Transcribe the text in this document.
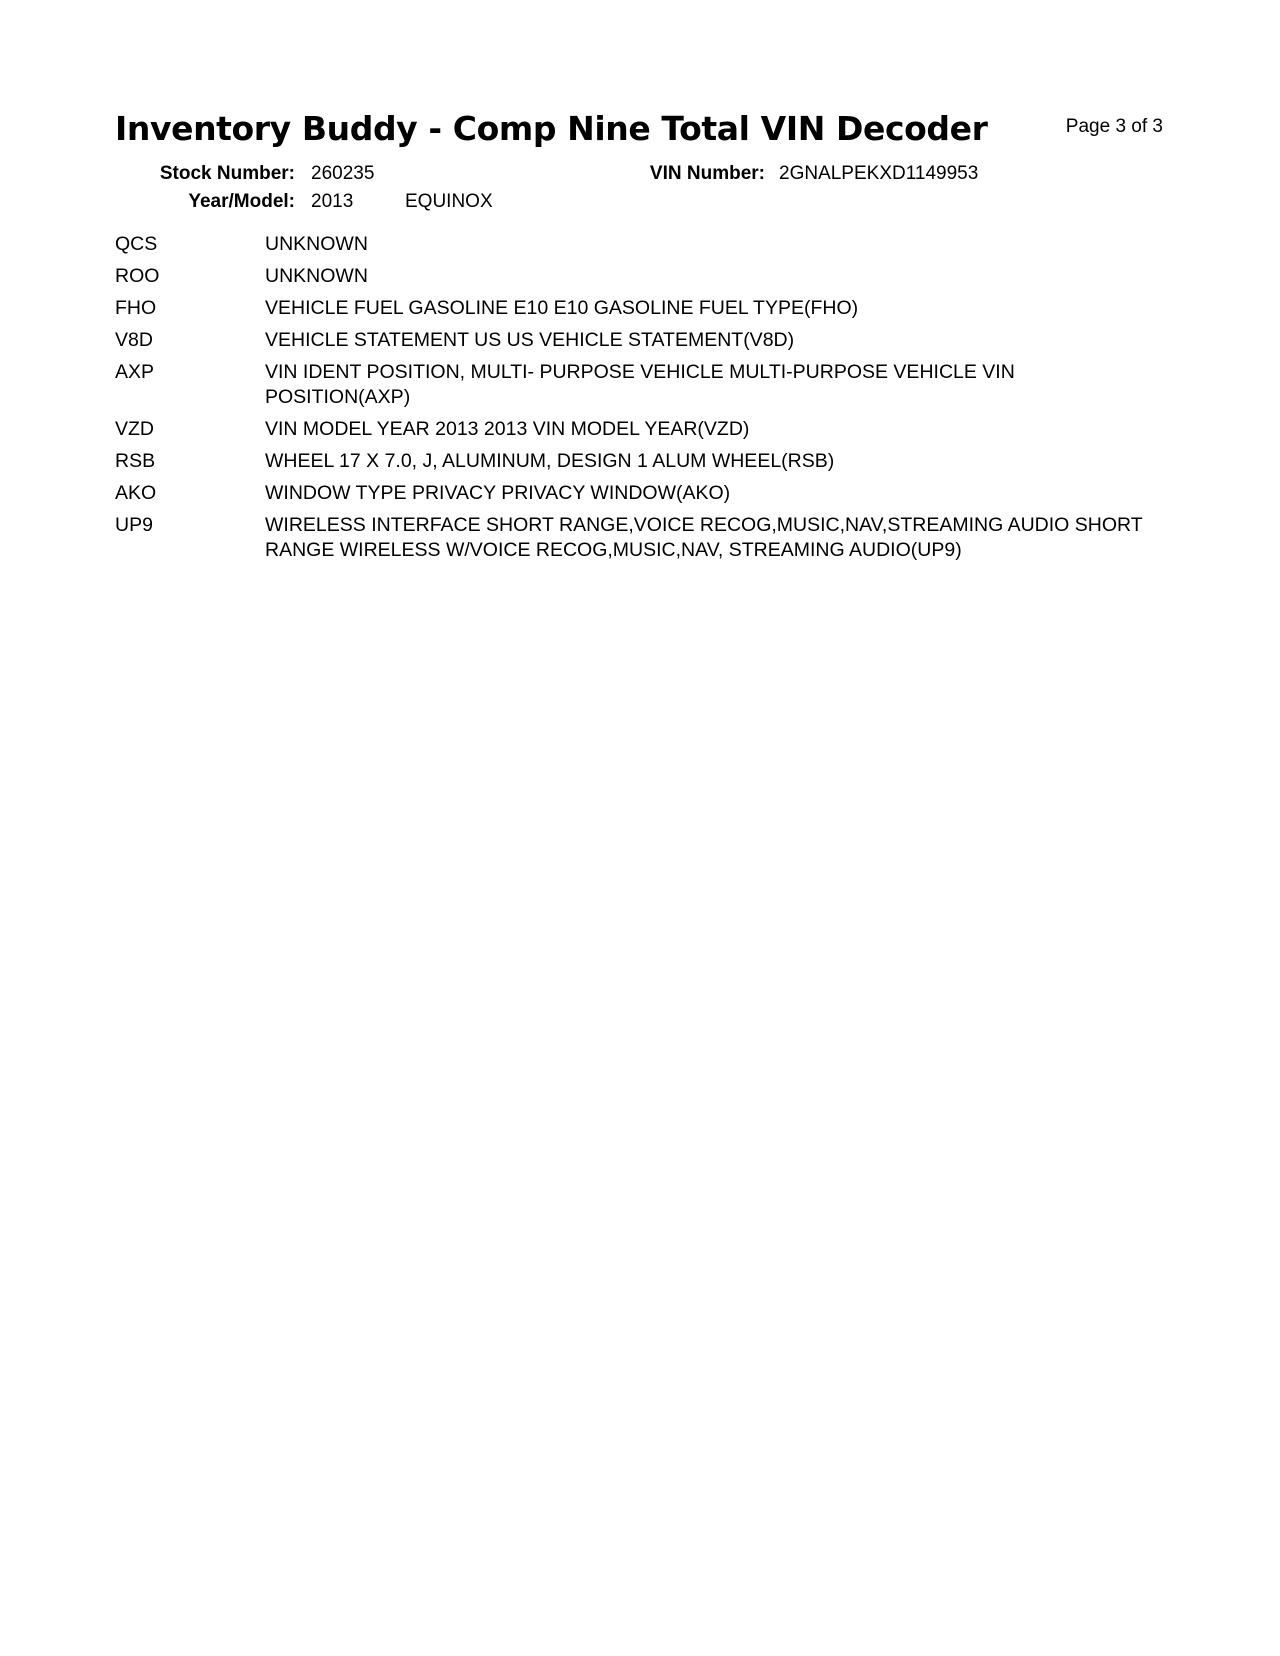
Inventory Buddy - Comp Nine Total VIN Decoder	Page 3 of 3
Stock Number: 260235	VIN Number: 2GNALPEKXD1149953
Year/Model: 2013	EQUINOX
QCS	UNKNOWN
ROO	UNKNOWN
FHO	VEHICLE FUEL GASOLINE E10 E10 GASOLINE FUEL TYPE(FHO)
V8D	VEHICLE STATEMENT US US VEHICLE STATEMENT(V8D)
AXP	VIN IDENT POSITION, MULTI- PURPOSE VEHICLE MULTI-PURPOSE VEHICLE VIN POSITION(AXP)
VZD	VIN MODEL YEAR 2013 2013 VIN MODEL YEAR(VZD)
RSB	WHEEL 17 X 7.0, J, ALUMINUM, DESIGN 1 ALUM WHEEL(RSB)
AKO	WINDOW TYPE PRIVACY PRIVACY WINDOW(AKO)
UP9	WIRELESS INTERFACE SHORT RANGE,VOICE RECOG,MUSIC,NAV,STREAMING AUDIO SHORT RANGE WIRELESS W/VOICE RECOG,MUSIC,NAV, STREAMING AUDIO(UP9)
